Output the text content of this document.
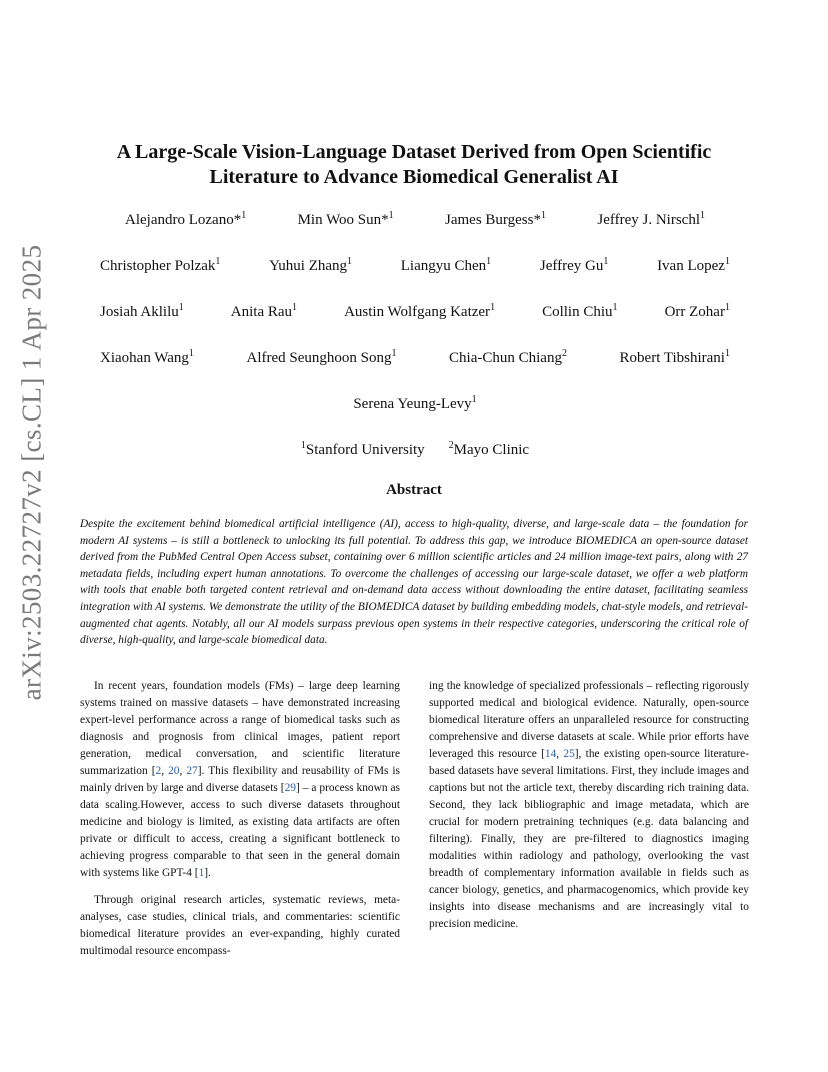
arXiv:2503.22727v2 [cs.CL] 1 Apr 2025
A Large-Scale Vision-Language Dataset Derived from Open Scientific Literature to Advance Biomedical Generalist AI
Alejandro Lozano*$^1$	Min Woo Sun*$^1$	James Burgess*$^1$	Jeffrey J. Nirschl$^1$
Christopher Polzak$^1$	Yuhui Zhang$^1$	Liangyu Chen$^1$	Jeffrey Gu$^1$	Ivan Lopez$^1$
Josiah Aklilu$^1$	Anita Rau$^1$	Austin Wolfgang Katzer$^1$	Collin Chiu$^1$	Orr Zohar$^1$
Xiaohan Wang$^1$	Alfred Seunghoon Song$^1$	Chia-Chun Chiang$^2$	Robert Tibshirani$^1$
Serena Yeung-Levy$^1$
$^1$Stanford University $^2$Mayo Clinic
Abstract

Despite the excitement behind biomedical artificial intelligence (AI), access to high-quality, diverse, and large-scale data – the foundation for modern AI systems – is still a bottleneck to unlocking its full potential. To address this gap, we introduce BIOMEDICA an open-source dataset derived from the PubMed Central Open Access subset, containing over 6 million scientific articles and 24 million image-text pairs, along with 27 metadata fields, including expert human annotations. To overcome the challenges of accessing our large-scale dataset, we offer a web platform with tools that enable both targeted content retrieval and on-demand data access without downloading the entire dataset, facilitating seamless integration with AI systems. We demonstrate the utility of the BIOMEDICA dataset by building embedding models, chat-style models, and retrieval-augmented chat agents. Notably, all our AI models surpass previous open systems in their respective categories, underscoring the critical role of diverse, high-quality, and large-scale biomedical data.

In recent years, foundation models (FMs) – large deep learning systems trained on massive datasets – have demonstrated increasing expert-level performance across a range of biomedical tasks such as diagnosis and prognosis from clinical images, patient report generation, medical conversation, and scientific literature summarization [2, 20, 27]. This flexibility and reusability of FMs is mainly driven by large and diverse datasets [29] – a process known as data scaling.However, access to such diverse datasets throughout medicine and biology is limited, as existing data artifacts are often private or difficult to access, creating a significant bottleneck to achieving progress comparable to that seen in the general domain with systems like GPT-4 [1].

Through original research articles, systematic reviews, meta-analyses, case studies, clinical trials, and commentaries: scientific biomedical literature provides an ever-expanding, highly curated multimodal resource encompass-

ing the knowledge of specialized professionals – reflecting rigorously supported medical and biological evidence. Naturally, open-source biomedical literature offers an unparalleled resource for constructing comprehensive and diverse datasets at scale. While prior efforts have leveraged this resource [14, 25], the existing open-source literature-based datasets have several limitations. First, they include images and captions but not the article text, thereby discarding rich training data. Second, they lack bibliographic and image metadata, which are crucial for modern pretraining techniques (e.g. data balancing and filtering). Finally, they are pre-filtered to diagnostics imaging modalities within radiology and pathology, overlooking the vast breadth of complementary information available in fields such as cancer biology, genetics, and pharmacogenomics, which provide key insights into disease mechanisms and are increasingly vital to precision medicine.
